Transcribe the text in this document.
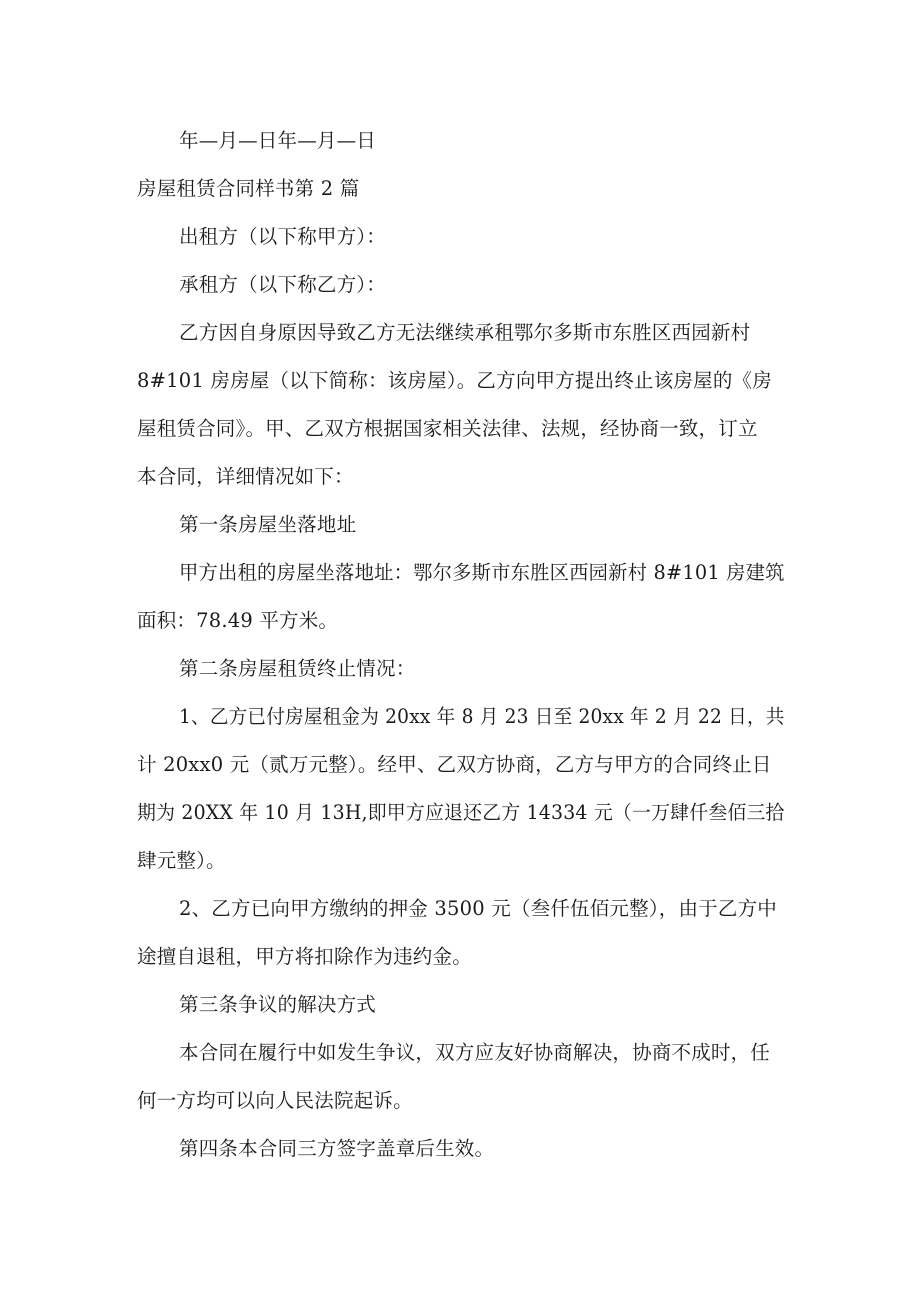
年—月—日年—月—日
房屋租赁合同样书第 2 篇
出租方（以下称甲方）：
承租方（以下称乙方）：
乙方因自身原因导致乙方无法继续承租鄂尔多斯市东胜区西园新村
8#101 房房屋（以下简称：该房屋）。乙方向甲方提出终止该房屋的《房
屋租赁合同》。甲、乙双方根据国家相关法律、法规，经协商一致，订立
本合同，详细情况如下：
第一条房屋坐落地址
甲方出租的房屋坐落地址：鄂尔多斯市东胜区西园新村 8#101 房建筑
面积：78.49 平方米。
第二条房屋租赁终止情况：
1、乙方已付房屋租金为 20xx 年 8 月 23 日至 20xx 年 2 月 22 日，共
计 20xx0 元（贰万元整）。经甲、乙双方协商，乙方与甲方的合同终止日
期为 20XX 年 10 月 13H,即甲方应退还乙方 14334 元（一万肆仟叁佰三拾
肆元整）。
2、乙方已向甲方缴纳的押金 3500 元（叁仟伍佰元整），由于乙方中
途擅自退租，甲方将扣除作为违约金。
第三条争议的解决方式
本合同在履行中如发生争议，双方应友好协商解决，协商不成时，任
何一方均可以向人民法院起诉。
第四条本合同三方签字盖章后生效。
